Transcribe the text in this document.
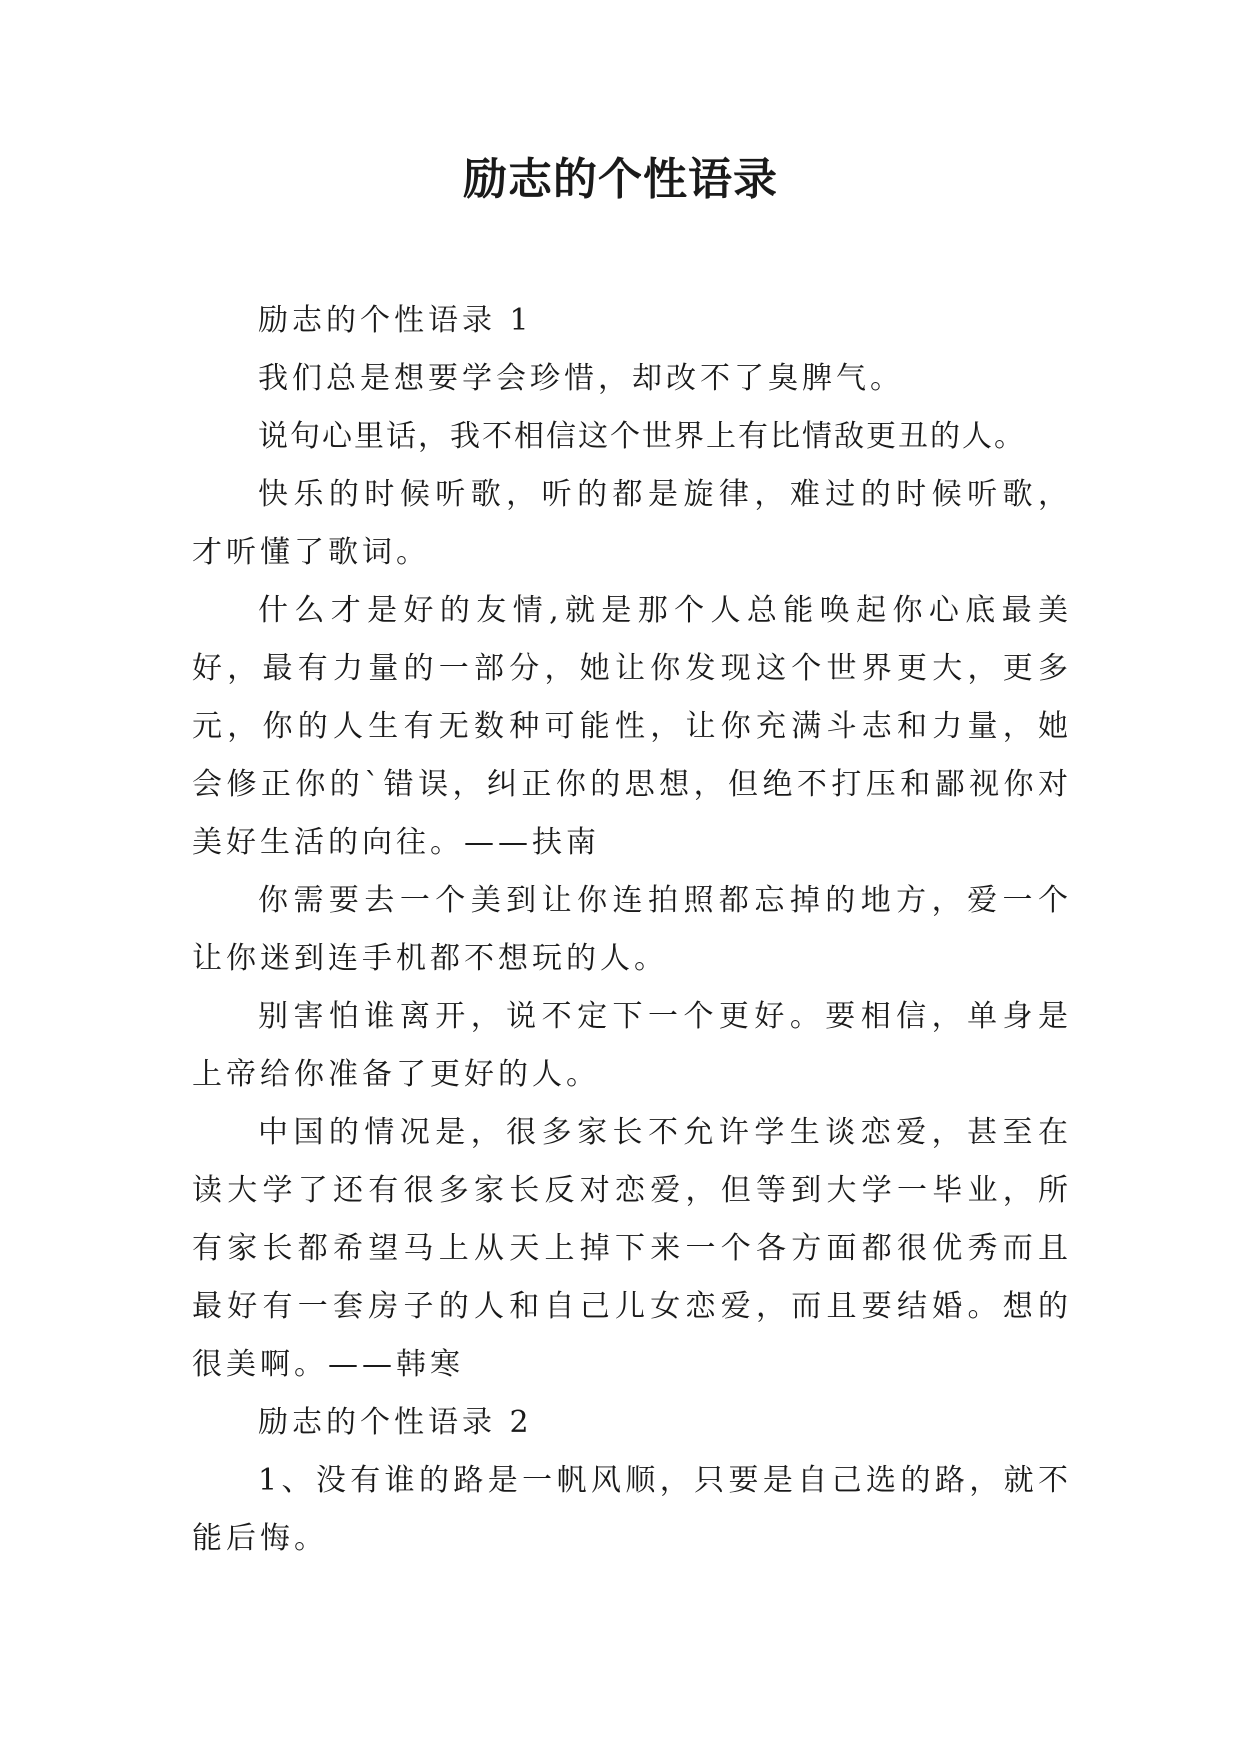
励志的个性语录

励志的个性语录 1

我们总是想要学会珍惜，却改不了臭脾气。

说句心里话，我不相信这个世界上有比情敌更丑的人。

快乐的时候听歌，听的都是旋律，难过的时候听歌，才听懂了歌词。

什么才是好的友情,就是那个人总能唤起你心底最美好，最有力量的一部分，她让你发现这个世界更大，更多元，你的人生有无数种可能性，让你充满斗志和力量，她会修正你的`错误，纠正你的思想，但绝不打压和鄙视你对美好生活的向往。——扶南

你需要去一个美到让你连拍照都忘掉的地方，爱一个让你迷到连手机都不想玩的人。

别害怕谁离开，说不定下一个更好。要相信，单身是上帝给你准备了更好的人。

中国的情况是，很多家长不允许学生谈恋爱，甚至在读大学了还有很多家长反对恋爱，但等到大学一毕业，所有家长都希望马上从天上掉下来一个各方面都很优秀而且最好有一套房子的人和自己儿女恋爱，而且要结婚。想的很美啊。——韩寒

励志的个性语录 2

1、没有谁的路是一帆风顺，只要是自己选的路，就不能后悔。
